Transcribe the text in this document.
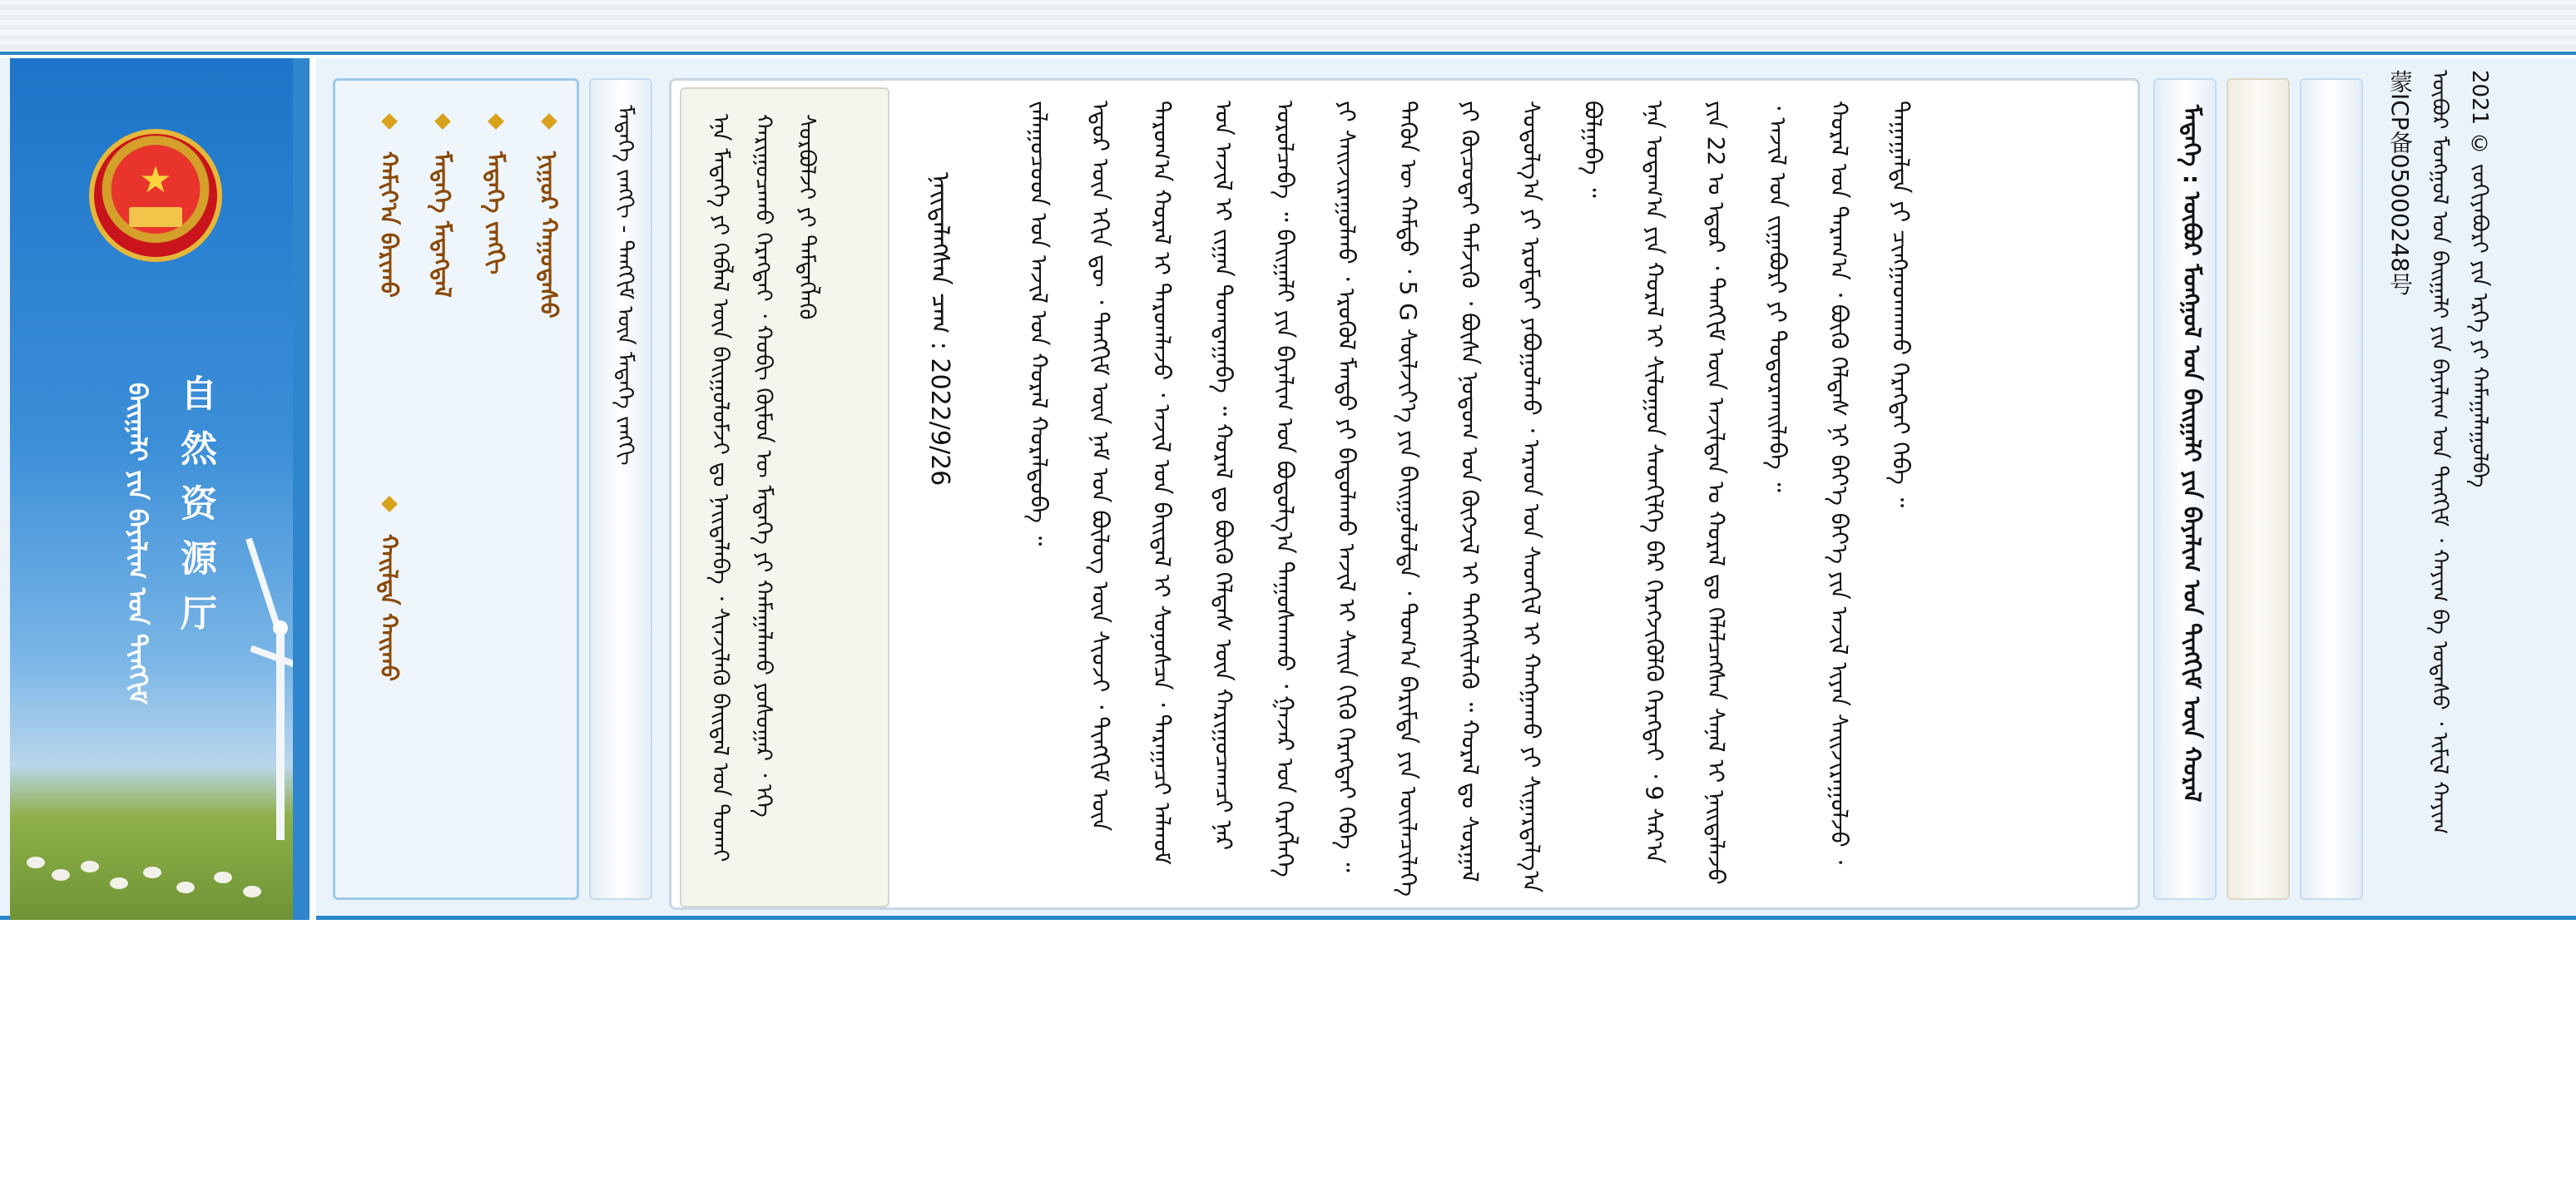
★
自然资源厅
ᠪᠠᠢᠭᠠᠯᠢ ᠶᠢᠨ ᠪᠠᠶᠠᠯᠢᠭ ᠤᠨ ᠲᠢᠩᠬᠢᠮ
ᠨᠢᠭᠤᠷ ᠬᠠᠭᠤᠳᠠᠰᠤ
ᠮᠡᠳᠡᠭᠡ ᠵᠠᠩᠭᠢ
ᠮᠡᠳᠡᠭᠡ ᠮᠡᠳᠡᠭᠳᠡᠯ
ᠬᠠᠮᠢᠶ᠎ᠠ ᠪᠠᠷᠢᠬᠤ
ᠬᠠᠢᠯᠲᠠ ᠬᠠᠢᠬᠤ
ᠮᠡᠳᠡᠭᠡ ᠵᠠᠩᠭᠢ - ᠲᠡᠩᠬᠢᠮ ᠦᠨ ᠮᠡᠳᠡᠭᠡ ᠵᠠᠩᠭᠢ	ᠡᠨᠡ ᠮᠡᠳᠡᠭᠡ ᠶᠢ ᠬᠡᠪᠯᠡᠯ ᠦᠨ ᠪᠠᠢᠭᠤᠯᠤᠮᠵᠢ ᠳᠤ ᠨᠡᠢᠲᠡᠯᠡᠪᠡ ᠂ ᠰᠢᠨᠵᠢᠯᠡᠬᠦ ᠪᠠᠢᠳᠠᠯ ᠤᠨ ᠲᠤᠬᠠᠢ ᠬᠠᠷᠢᠭᠤᠴᠠᠬᠤ ᠬᠡᠷᠡᠭᠲᠡᠢ ᠂ ᠬᠤᠪᠢ ᠬᠦᠮᠦᠨ ᠦ ᠮᠡᠳᠡᠭᠡ ᠶᠢ ᠬᠠᠮᠠᠭᠠᠯᠠᠬᠤ ᠶᠤᠰᠤᠭᠠᠷ ᠂ ᠡᠬᠡ ᠰᠤᠷᠪᠤᠯᠵᠢ ᠶᠢ ᠲᠡᠮᠳᠡᠭᠯᠡᠬᠦ	ᠨᠡᠢᠲᠡᠯᠡᠭᠰᠡᠨ ᠴᠠᠭ : 2022/9/26	ᠵᠠᠯᠠᠭᠤᠴᠤᠳ ᠤᠨ ᠠᠵᠢᠯ ᠤᠨ ᠬᠤᠷᠠᠯ ᠬᠤᠷᠠᠯᠳᠤᠪᠠ ᠃	ᠡᠳᠦᠷ ᠦᠨ ᠡᠬᠢᠨ ᠳᠦ ᠂ ᠲᠡᠩᠬᠢᠮ ᠦᠨ ᠨᠠᠮ ᠤᠨ ᠪᠦᠯᠦᠭ ᠦᠨ ᠰᠢᠤᠵᠢ ᠂ ᠲᠢᠩᠬᠢᠮ ᠦᠨ ᠳᠠᠷᠤᠭ᠎ᠠ ᠬᠤᠷᠠᠯ ᠢ ᠳᠠᠷᠤᠭᠯᠠᠵᠤ ᠂ ᠠᠵᠢᠯ ᠤᠨ ᠪᠠᠢᠳᠠᠯ ᠢ ᠰᠣᠨᠣᠰᠴᠠ ᠂ ᠳᠠᠷᠠᠭᠠᠴᠢ ᠠᠯᠬᠤᠮ ᠤᠨ ᠠᠵᠢᠯ ᠢ ᠵᠢᠭᠠᠨ ᠲᠣᠭᠲᠠᠭᠠᠪᠠ ᠃ ᠬᠤᠷᠠᠯ ᠳᠤ ᠪᠦᠬᠦ ᠬᠡᠯᠳᠡᠰ ᠦᠨ ᠬᠠᠷᠢᠭᠤᠴᠠᠭᠴᠢ ᠨᠠᠷ ᠣᠷᠣᠯᠴᠠᠪᠠ ᠃ ᠪᠠᠢᠭᠠᠯᠢ ᠶᠢᠨ ᠪᠠᠶᠠᠯᠢᠭ ᠤᠨ ᠪᠤᠳᠤᠯᠭ᠎ᠠ ᠳᠠᠭᠤᠰᠬᠠᠬᠤ ᠂ ᠭᠠᠵᠠᠷ ᠤᠨ ᠬᠡᠷᠡᠭᠯᠡᠭᠡ ᠶᠢ ᠰᠠᠢᠵᠢᠷᠠᠭᠤᠯᠬᠤ ᠂ ᠡᠷᠦᠬᠦᠯ ᠮᠡᠨᠳᠦ ᠶᠢ ᠪᠠᠲᠤᠯᠠᠬᠤ ᠠᠵᠢᠯ ᠢ ᠰᠠᠢᠨ ᠬᠢᠬᠦ ᠬᠡᠷᠡᠭᠲᠡᠢ ᠭᠡᠪᠡ ᠃	ᠲᠡᠭᠦᠨ ᠦ ᠬᠠᠮᠲᠤ ᠂ 5 G ᠰᠦᠯᠵᠢᠶ᠎ᠡ ᠶᠢᠨ ᠪᠠᠢᠭᠤᠯᠤᠯᠲᠠ ᠂ ᠲᠣᠭ᠎ᠠ ᠪᠠᠷᠢᠮᠲᠠ ᠶᠢᠨ ᠦᠢᠯᠡᠴᠢᠯᠡᠭᠡ ᠶᠢ ᠬᠦᠴᠦᠲᠡᠢ ᠳᠡᠮᠵᠢᠬᠦ ᠂ ᠪᠦᠰᠡ ᠨᠤᠲᠤᠭ ᠤᠨ ᠬᠦᠭᠵᠢᠯ ᠢ ᠳᠡᠭᠡᠭᠰᠢᠯᠡᠬᠦ ᠃ ᠬᠤᠷᠠᠯ ᠳᠤ ᠰᠤᠷᠭᠠᠯ ᠰᠤᠳᠤᠯᠭ᠎ᠠ ᠶᠢ ᠡᠷᠦᠮᠳᠡᠢ ᠶᠠᠪᠤᠭᠤᠯᠬᠤ ᠂ ᠠᠷᠠᠳ ᠤᠨ ᠰᠡᠳᠬᠢᠯ ᠢ ᠬᠠᠩᠭᠠᠬᠤ ᠶᠢ ᠰᠢᠭᠠᠷᠳᠠᠯᠭ᠎ᠠ ᠪᠤᠯᠭᠠᠪᠠ ᠃	ᠡᠨᠡ ᠤᠳᠠᠭ᠎ᠠ ᠶᠢᠨ ᠬᠤᠷᠠᠯ ᠢ ᠰᠢᠯᠤᠭᠤᠨ ᠰᠡᠳᠬᠢᠯᠭᠡ ᠪᠡᠷ ᠬᠡᠷᠡᠭᠵᠢᠭᠦᠯᠬᠦ ᠬᠡᠷᠡᠭᠲᠡᠢ ᠂ 9 ᠰᠠᠷ᠎ᠠ ᠶᠢᠨ 22 ᠤ ᠡᠳᠦᠷ ᠂ ᠲᠡᠩᠬᠢᠮ ᠦᠨ ᠠᠵᠢᠯᠲᠠᠨ ᠤ ᠬᠤᠷᠠᠯ ᠳᠤ ᠬᠡᠯᠡᠯᠴᠡᠭᠰᠡᠨ ᠰᠠᠨᠠᠯ ᠢ ᠨᠡᠢᠲᠡᠯᠡᠵᠦ ᠂ ᠠᠵᠢᠯ ᠤᠨ ᠵᠢᠭᠠᠪᠤᠷᠢ ᠶᠢ ᠲᠤᠳᠤᠷᠬᠠᠢᠯᠠᠪᠠ ᠃	ᠬᠤᠷᠠᠯ ᠤᠨ ᠳᠠᠷᠠᠭ᠎ᠠ ᠂ ᠪᠦᠬᠦ ᠬᠡᠯᠳᠡᠰ ᠨᠢ ᠪᠡᠶ᠎ᠡ ᠪᠡᠶ᠎ᠡ ᠶᠢᠨ ᠠᠵᠢᠯ ᠢᠶᠠᠨ ᠰᠠᠢᠵᠢᠷᠠᠭᠤᠯᠵᠤ ᠂ ᠳᠠᠭᠠᠭᠠᠯᠲᠠ ᠶᠢ ᠴᠢᠩᠭᠠᠳᠬᠠᠬᠤ ᠬᠡᠷᠡᠭᠲᠡᠢ ᠭᠡᠪᠡ ᠃	ᠮᠡᠳᠡᠭᠡ : ᠦᠪᠦᠷ ᠮᠤᠩᠭᠤᠯ ᠤᠨ ᠪᠠᠢᠭᠠᠯᠢ ᠶᠢᠨ ᠪᠠᠶᠠᠯᠢᠭ ᠤᠨ ᠲᠢᠩᠬᠢᠮ ᠦᠨ ᠬᠤᠷᠠᠯ	蒙ICP备05000248号 ᠦᠪᠦᠷ ᠮᠤᠩᠭᠤᠯ ᠤᠨ ᠪᠠᠢᠭᠠᠯᠢ ᠶᠢᠨ ᠪᠠᠶᠠᠯᠢᠭ ᠤᠨ ᠲᠢᠩᠬᠢᠮ ᠂ ᠬᠠᠶᠢᠭ ᠪᠠ ᠤᠲᠠᠰᠤ ᠂ ᠢᠮᠸᠯ ᠬᠠᠶᠢᠭ 2021 © ᠵᠤᠬᠢᠶᠠᠪᠤᠷᠢ ᠶᠢᠨ ᠡᠷᠬᠡ ᠶᠢ ᠬᠠᠮᠠᠭᠠᠯᠠᠭᠤᠯᠪᠠ
